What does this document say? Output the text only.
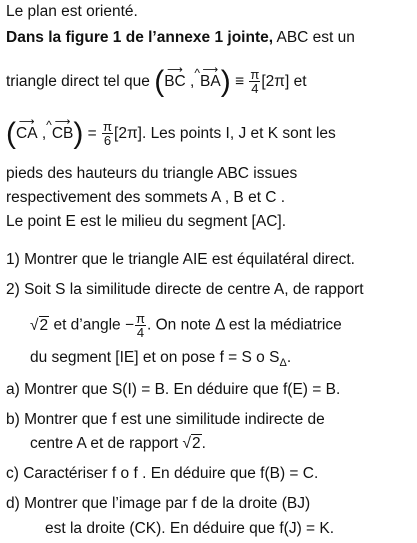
Le plan est orienté.
Dans la figure 1 de l’annexe 1 jointe, ABC est un
triangle direct tel que ( ⟶
BC ,^ ⟶
$BA) \equiv \frac{\pi}{4} [2\pi]$ et
( ⟶
CA ,^ ⟶
$CB) = \frac{\pi}{6} [2\pi]$. Les points I, J et K sont les
pieds des hauteurs du triangle ABC issues
respectivement des sommets A , B et C .
Le point E est le milieu du segment [AC].
1) Montrer que le triangle AIE est équilatéral direct.
2) Soit S la similitude directe de centre A, de rapport
√2 et d’angle − $\frac{\pi}{4}$ . On note Δ est la médiatrice
du segment [IE] et on pose f = S o $S_\Delta$.
a) Montrer que S(I) = B. En déduire que f(E) = B.
b) Montrer que f est une similitude indirecte de
centre A et de rapport √2.
c) Caractériser f o f . En déduire que f(B) = C.
d) Montrer que l’image par f de la droite (BJ)
est la droite (CK). En déduire que f(J) = K.
